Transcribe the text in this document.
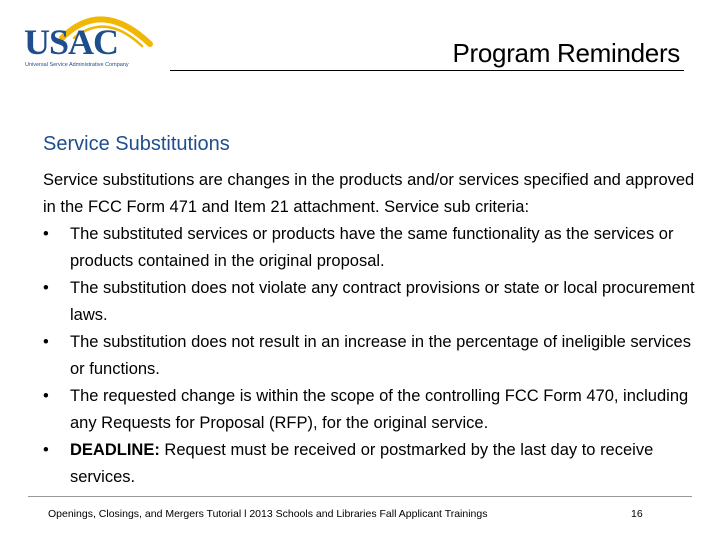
USAC
Universal Service Administrative Company	Program Reminders
Service Substitutions

Service substitutions are changes in the products and/or services specified and approved in the FCC Form 471 and Item 21 attachment. Service sub criteria:

• The substituted services or products have the same functionality as the services or products contained in the original proposal.
• The substitution does not violate any contract provisions or state or local procurement laws.
• The substitution does not result in an increase in the percentage of ineligible services or functions.
• The requested change is within the scope of the controlling FCC Form 470, including any Requests for Proposal (RFP), for the original service.
• DEADLINE: Request must be received or postmarked by the last day to receive services.
Openings, Closings, and Mergers Tutorial l 2013 Schools and Libraries Fall Applicant Trainings	16
